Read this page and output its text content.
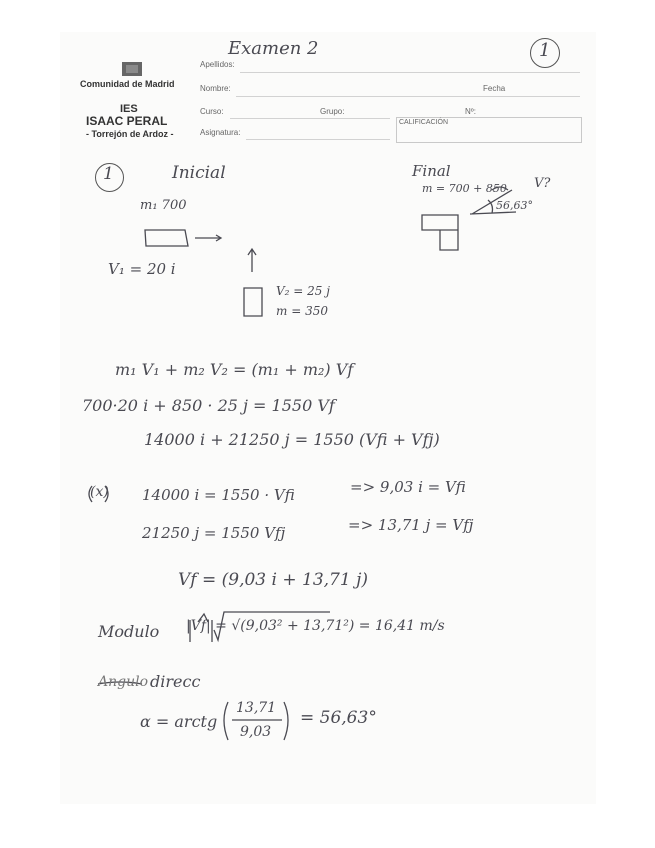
Comunidad de Madrid
IES
ISAAC PERAL
- Torrejón de Ardoz -
Apellidos:
Nombre:	Fecha
Curso:	Grupo:	Nº:
Asignatura:
CALIFICACIÓN
Examen 2	1
1	Inicial
m₁ 700
V₁ = 20 i
V₂ = 25 j
m = 350
Final
m = 700 + 850 V?
56,63°
m₁ V₁ + m₂ V₂ = (m₁ + m₂) Vf
700·20 i + 850 · 25 j = 1550 Vf
14000 i + 21250 j = 1550 (Vfi + Vfj)
(x) 14000 i = 1550 · Vfi	=> 9,03 i = Vfi
21250 j = 1550 Vfj	=> 13,71 j = Vfj
Vf = (9,03 i + 13,71 j)
Modulo |Vf| = √(9,03² + 13,71²) = 16,41 m/s
Angulo direcc
α = arctg
13,71
9,03
= 56,63°
